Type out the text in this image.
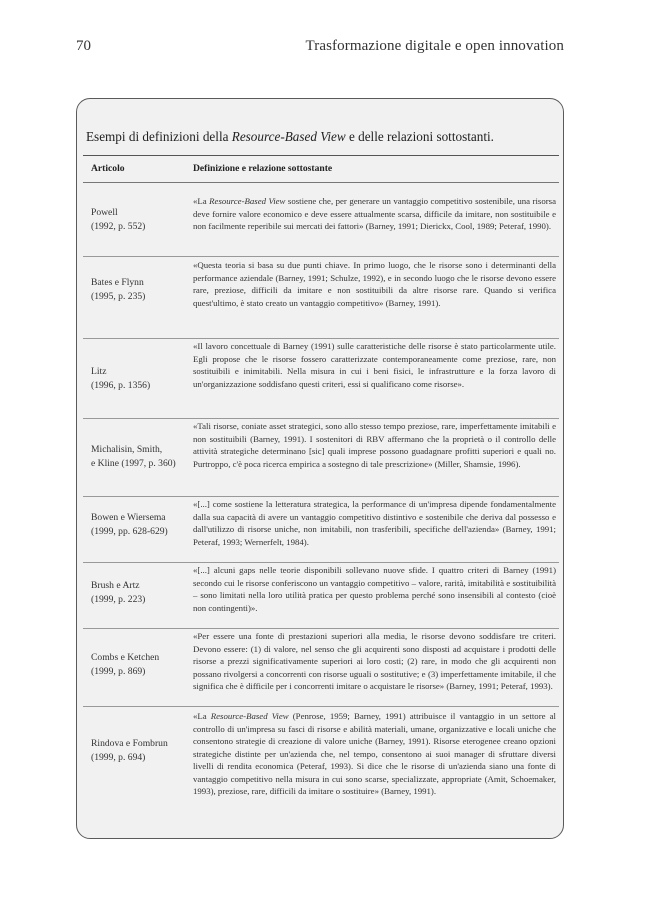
70	Trasformazione digitale e open innovation
Esempi di definizioni della Resource-Based View e delle relazioni sottostanti.
Articolo	Definizione e relazione sottostante
Powell
(1992, p. 552)
«La Resource-Based View sostiene che, per generare un vantaggio competitivo sostenibile, una risorsa deve fornire valore economico e deve essere attualmente scarsa, difficile da imitare, non sostituibile e non facilmente reperibile sui mercati dei fattori» (Barney, 1991; Dierickx, Cool, 1989; Peteraf, 1990).
Bates e Flynn
(1995, p. 235)
«Questa teoria si basa su due punti chiave. In primo luogo, che le risorse sono i determinanti della performance aziendale (Barney, 1991; Schulze, 1992), e in secondo luogo che le risorse devono essere rare, preziose, difficili da imitare e non sostituibili da altre risorse rare. Quando si verifica quest'ultimo, è stato creato un vantaggio competitivo» (Barney, 1991).
Litz
(1996, p. 1356)
«Il lavoro concettuale di Barney (1991) sulle caratteristiche delle risorse è stato particolarmente utile. Egli propose che le risorse fossero caratterizzate contemporaneamente come preziose, rare, non sostituibili e inimitabili. Nella misura in cui i beni fisici, le infrastrutture e la forza lavoro di un'organizzazione soddisfano questi criteri, essi si qualificano come risorse».
Michalisin, Smith,
e Kline (1997, p. 360)
«Tali risorse, coniate asset strategici, sono allo stesso tempo preziose, rare, imperfettamente imitabili e non sostituibili (Barney, 1991). I sostenitori di RBV affermano che la proprietà o il controllo delle attività strategiche determinano [sic] quali imprese possono guadagnare profitti superiori e quali no. Purtroppo, c'è poca ricerca empirica a sostegno di tale prescrizione» (Miller, Shamsie, 1996).
Bowen e Wiersema
(1999, pp. 628-629)
«[...] come sostiene la letteratura strategica, la performance di un'impresa dipende fondamentalmente dalla sua capacità di avere un vantaggio competitivo distintivo e sostenibile che deriva dal possesso e dall'utilizzo di risorse uniche, non imitabili, non trasferibili, specifiche dell'azienda» (Barney, 1991; Peteraf, 1993; Wernerfelt, 1984).
Brush e Artz
(1999, p. 223)
«[...] alcuni gaps nelle teorie disponibili sollevano nuove sfide. I quattro criteri di Barney (1991) secondo cui le risorse conferiscono un vantaggio competitivo – valore, rarità, imitabilità e sostituibilità – sono limitati nella loro utilità pratica per questo problema perché sono insensibili al contesto (cioè non contingenti)».
Combs e Ketchen
(1999, p. 869)
«Per essere una fonte di prestazioni superiori alla media, le risorse devono soddisfare tre criteri. Devono essere: (1) di valore, nel senso che gli acquirenti sono disposti ad acquistare i prodotti delle risorse a prezzi significativamente superiori ai loro costi; (2) rare, in modo che gli acquirenti non possano rivolgersi a concorrenti con risorse uguali o sostitutive; e (3) imperfettamente imitabile, il che significa che è difficile per i concorrenti imitare o acquistare le risorse» (Barney, 1991; Peteraf, 1993).
Rindova e Fombrun
(1999, p. 694)
«La Resource-Based View (Penrose, 1959; Barney, 1991) attribuisce il vantaggio in un settore al controllo di un'impresa su fasci di risorse e abilità materiali, umane, organizzative e locali uniche che consentono strategie di creazione di valore uniche (Barney, 1991). Risorse eterogenee creano opzioni strategiche distinte per un'azienda che, nel tempo, consentono ai suoi manager di sfruttare diversi livelli di rendita economica (Peteraf, 1993). Si dice che le risorse di un'azienda siano una fonte di vantaggio competitivo nella misura in cui sono scarse, specializzate, appropriate (Amit, Schoemaker, 1993), preziose, rare, difficili da imitare o sostituire» (Barney, 1991).
